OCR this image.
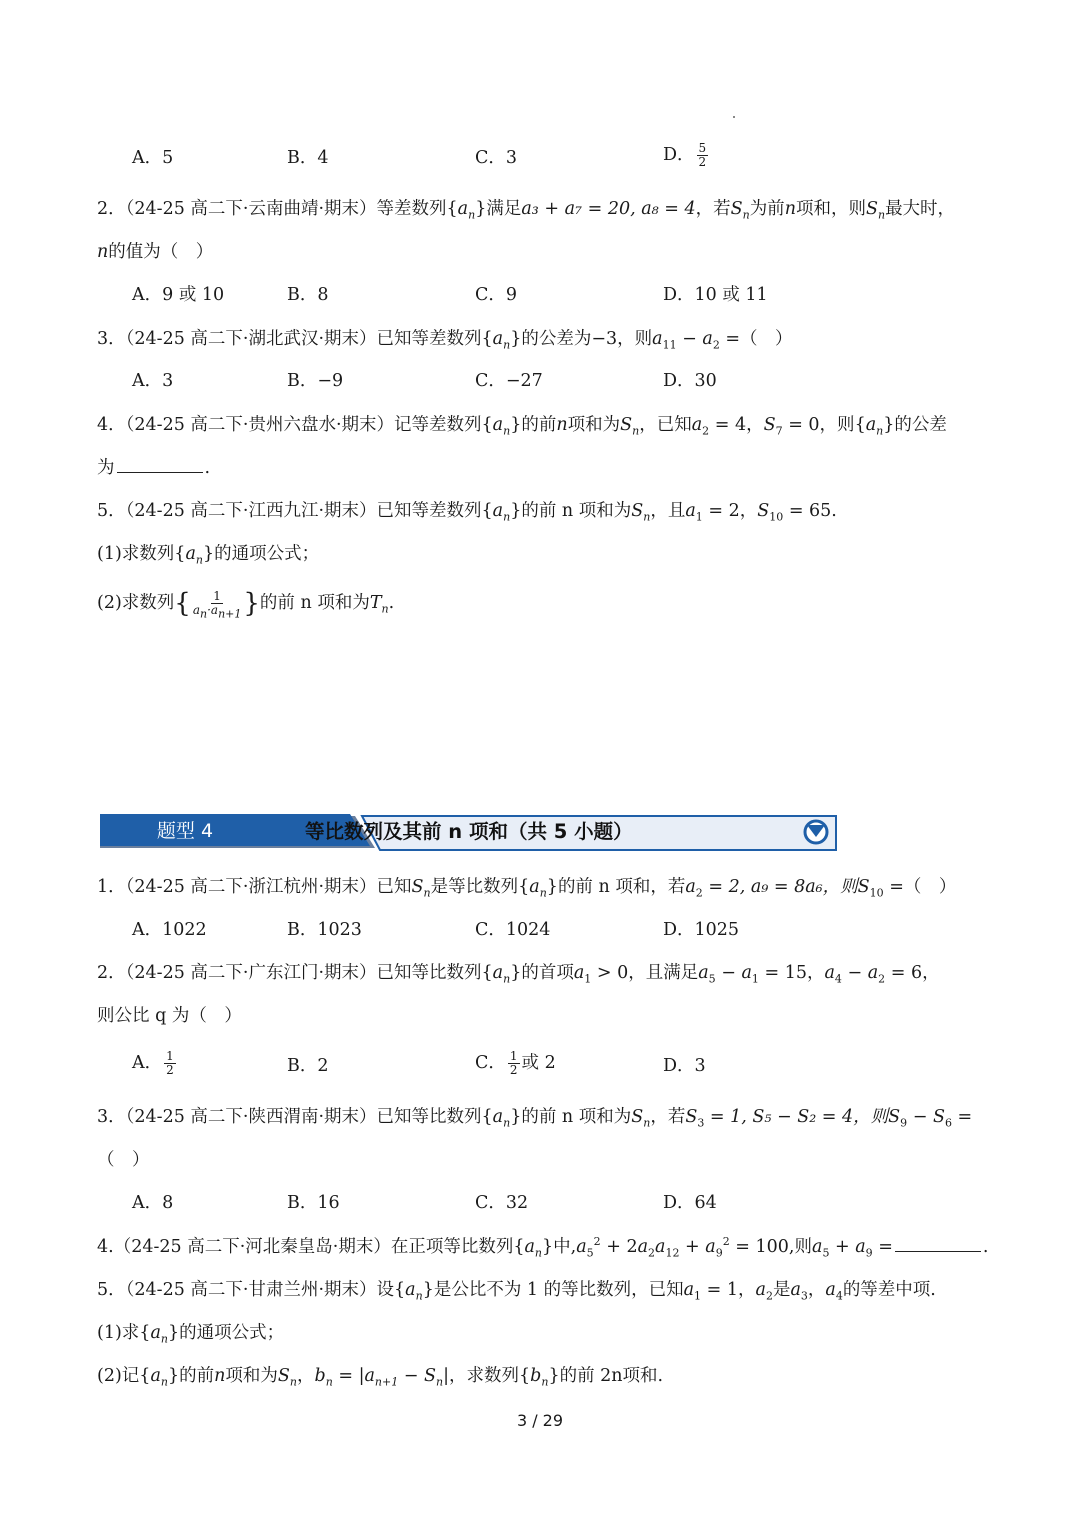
A．5	B．4	C．3	D． $\frac{5}{2}$
2．（24-25 高二下·云南曲靖·期末）等差数列$\{a_n\}$满足a₃ + a₇ = 20, a₈ = 4，若$S_n$为前n项和，则$S_n$最大时，
n的值为（　）
A．9 或 10	B．8	C．9	D．10 或 11
3．（24-25 高二下·湖北武汉·期末）已知等差数列$\{a_n\}$的公差为−3，则$a_{11} - a_2$ =（　）
A．3	B．−9	C．−27	D．30
4．（24-25 高二下·贵州六盘水·期末）记等差数列$\{a_n\}$的前n项和为$S_n$，已知$a_2 = 4$，$S_7 = 0$，则$\{a_n\}$的公差
为	.
5．（24-25 高二下·江西九江·期末）已知等差数列$\{a_n\}$的前 n 项和为$S_n$，且$a_1 = 2$，$S_{10} = 65$.
(1)求数列$\{a_n\}$的通项公式；
(2)求数列{ $\frac{1}{a_n\cdot a_{n+1}}$ }的前 n 项和为$T_n$.
题型 4	等比数列及其前 n 项和（共 5 小题）
1．（24-25 高二下·浙江杭州·期末）已知$S_n$是等比数列$\{a_n\}$的前 n 项和，若$a_2 = 2$, a₉ = 8a₆，则$S_{10}$ =（　）
A．1022	B．1023	C．1024	D．1025
2．（24-25 高二下·广东江门·期末）已知等比数列$\{a_n\}$的首项$a_1 > 0$，且满足$a_5 - a_1 = 15$，$a_4 - a_2 = 6$，
则公比 q 为（　）
A． $\frac{1}{2}$	B．2	C． $\frac{1}{2}$ 或 2	D．3
3．（24-25 高二下·陕西渭南·期末）已知等比数列$\{a_n\}$的前 n 项和为$S_n$，若$S_3 = 1$, S₅ − S₂ = 4，则$S_9 - S_6$ =
（　）
A．8	B．16	C．32	D．64
4.（24-25 高二下·河北秦皇岛·期末）在正项等比数列$\{a_n\}$中$,a_5^2 + 2a_2a_{12} + a_9^2 = 100$,则$a_5 + a_9$ =	.
5．（24-25 高二下·甘肃兰州·期末）设$\{a_n\}$是公比不为 1 的等比数列，已知$a_1 = 1$，$a_2$是$a_3$，$a_4$的等差中项.
(1)求$\{a_n\}$的通项公式；
(2)记$\{a_n\}$的前n项和为$S_n$，$b_n = |a_{n+1} - S_n|$，求数列$\{b_n\}$的前 2n项和.
3 / 29
